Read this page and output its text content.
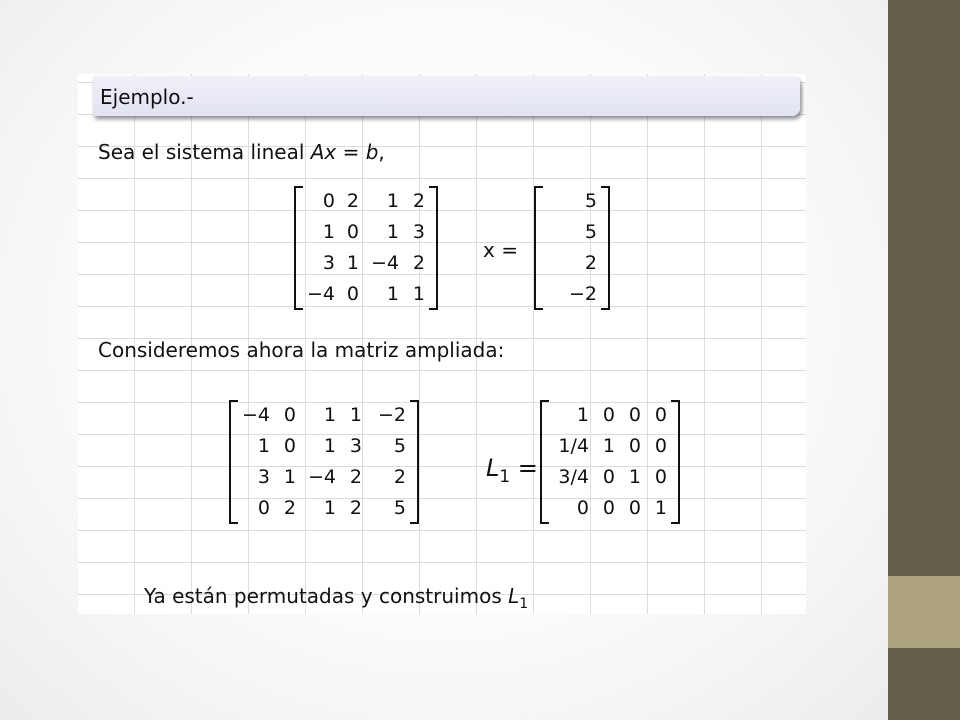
Ejemplo.-
Sea el sistema lineal Ax = b,
0	2	1	2
1	0	1	3
3	1	−4	2
−4	0	1	1
x =
5
5
2
−2
Consideremos ahora la matriz ampliada:
−4	0	1	1	−2
1	0	1	3	5
3	1	−4	2	2
0	2	1	2	5
$L_1$ =
1	0	0	0
1/4	1	0	0
3/4	0	1	0
0	0	0	1
Ya están permutadas y construimos $L_1$
